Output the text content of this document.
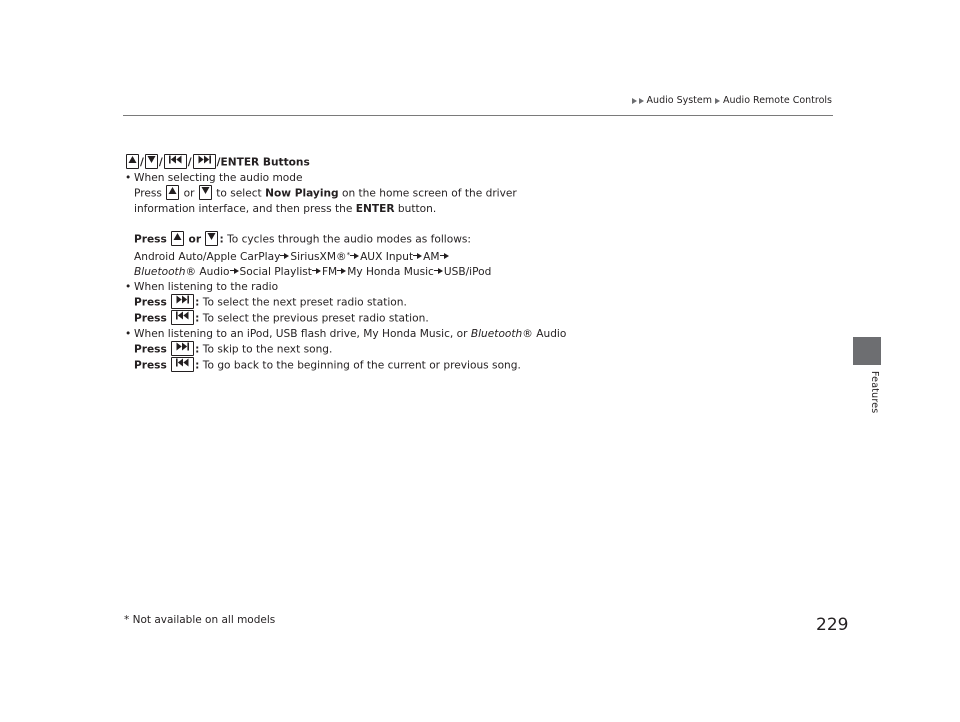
Audio System Audio Remote Controls
Features
/ / / /ENTER Buttons
• When selecting the audio mode
Press or to select Now Playing on the home screen of the driver
information interface, and then press the ENTER button.
Press or : To cycles through the audio modes as follows:
Android Auto/Apple CarPlay SiriusXM®* AUX Input AM
Bluetooth® Audio Social Playlist FM My Honda Music USB/iPod
• When listening to the radio
Press	: To select the next preset radio station.
Press	: To select the previous preset radio station.
• When listening to an iPod, USB flash drive, My Honda Music, or Bluetooth® Audio
Press	: To skip to the next song.
Press	: To go back to the beginning of the current or previous song.
* Not available on all models	229
